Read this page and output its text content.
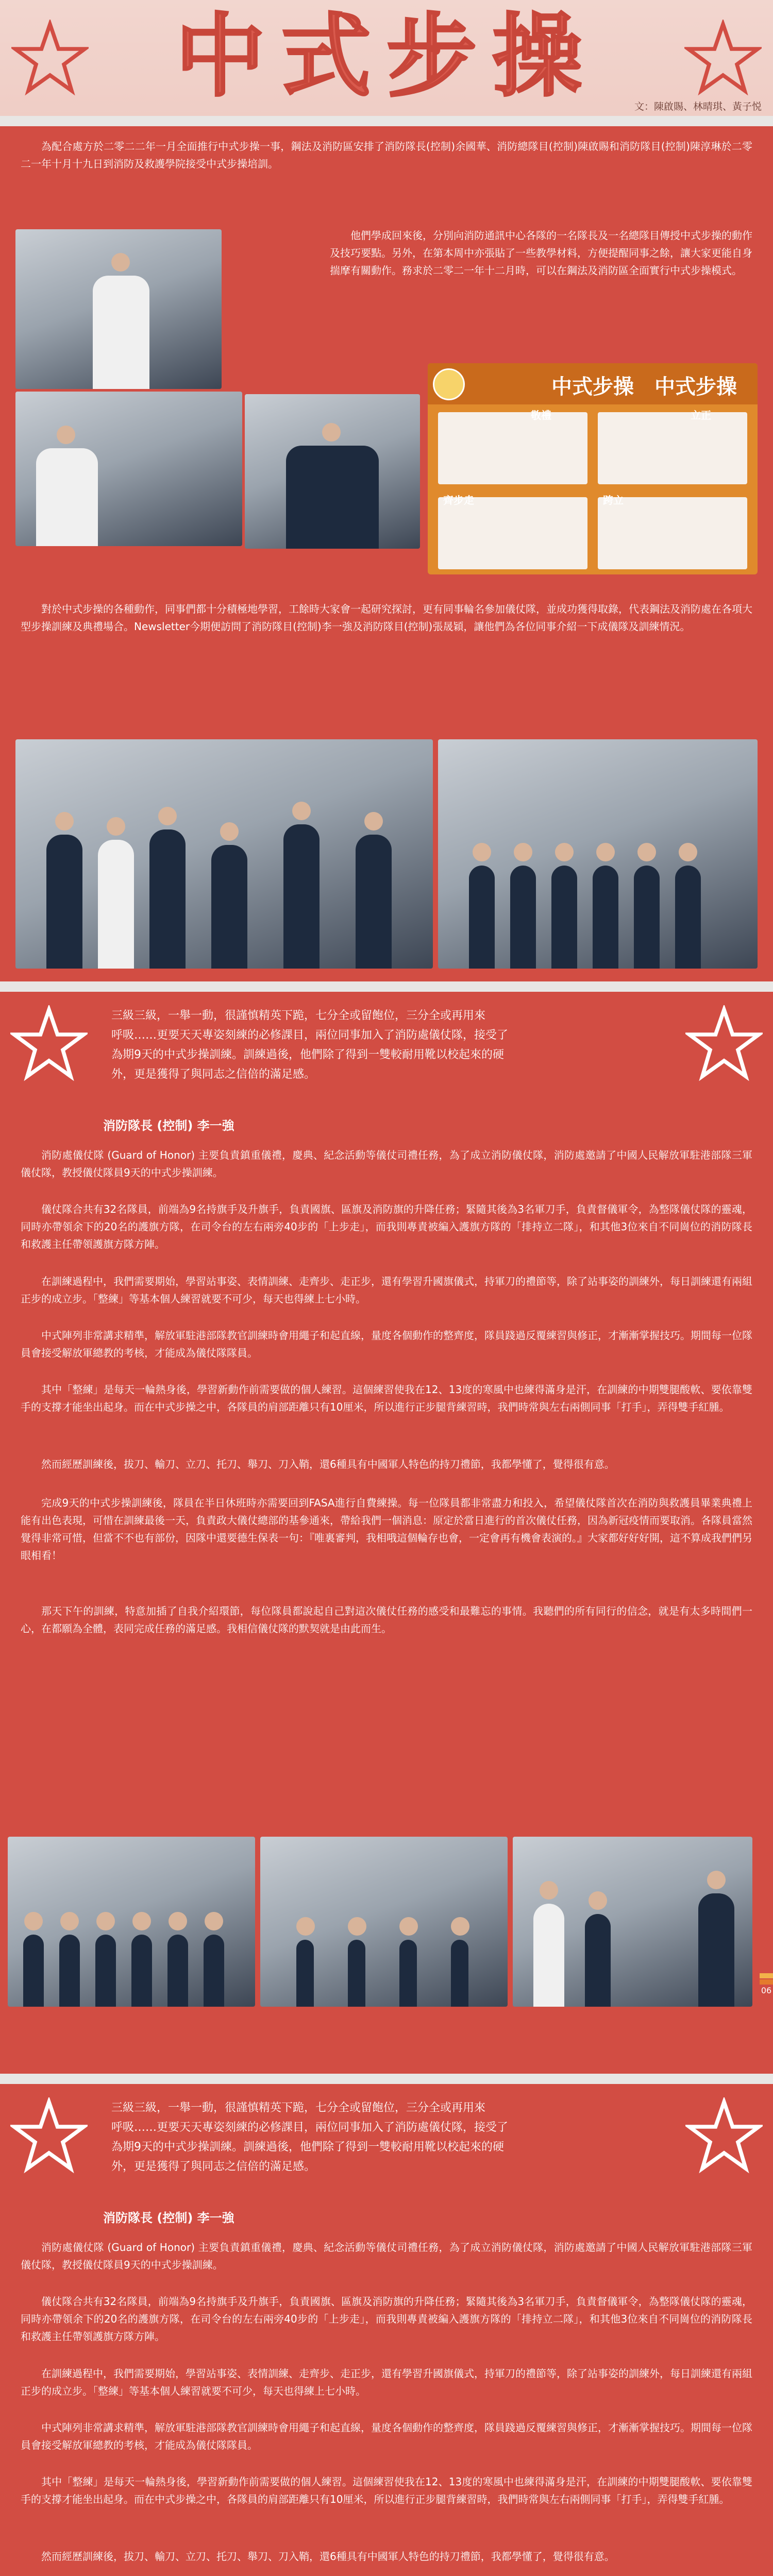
中式步操	文：陳啟賜、林晴琪、黃子悦

為配合處方於二零二二年一月全面推行中式步操一事，鋼法及消防區安排了消防隊長(控制)余國華、消防總隊目(控制)陳啟賜和消防隊目(控制)陳淳琳於二零二一年十月十九日到消防及救護學院接受中式步操培訓。

他們學成回來後，分別向消防通訊中心各隊的一名隊長及一名總隊目傳授中式步操的動作及技巧要點。另外，在第本周中亦張貼了一些教學材料，方便提醒同事之餘，讓大家更能自身揣摩有關動作。務求於二零二一年十二月時，可以在鋼法及消防區全面實行中式步操模式。

中式步操 中式步操
敬禮	立正
齊步走	跨立

對於中式步操的各種動作，同事們都十分積極地學習，工餘時大家會一起研究探討，更有同事輪名參加儀仗隊，並成功獲得取錄，代表鋼法及消防處在各項大型步操訓練及典禮場合。Newsletter今期便訪問了消防隊目(控制)李一強及消防隊目(控制)張晟穎，讓他們為各位同事介紹一下成儀隊及訓練情況。

三級三級，一舉一動，很謹慎精英下跪，七分全或留飽位，三分全或再用來
呼吸……更要天天專姿刻練的必修課目，兩位同事加入了消防處儀仗隊，接受了
為期9天的中式步操訓練。訓練過後，他們除了得到一雙較耐用靴以校起來的硬
外，更是獲得了與同志之信倍的滿足感。
消防隊長 (控制) 李一強

消防處儀仗隊 (Guard of Honor) 主要負責鎮重儀禮，慶典、紀念活動等儀仗司禮任務，為了成立消防儀仗隊，消防處邀請了中國人民解放軍駐港部隊三軍儀仗隊，教授儀仗隊員9天的中式步操訓練。

儀仗隊合共有32名隊員，前端為9名持旗手及升旗手，負責國旗、區旗及消防旗的升降任務；緊隨其後為3名軍刀手，負責督儀軍令，為整隊儀仗隊的靈魂，同時亦帶領余下的20名的護旗方隊，在司令台的左右兩旁40步的「上步走」，而我則專責被編入護旗方隊的「排持立二隊」，和其他3位來自不同崗位的消防隊長和救護主任帶領護旗方隊方陣。

在訓練過程中，我們需要期始，學習站事姿、表情訓練、走齊步、走正步，還有學習升國旗儀式，持軍刀的禮節等，除了站事姿的訓練外，每日訓練還有兩組正步的成立步。「整練」等基本個人練習就要不可少，每天也得練上七小時。

中式陣列非常講求精準，解放軍駐港部隊教官訓練時會用繩子和起直線，量度各個動作的整齊度，隊員踐過反覆練習與修正，才漸漸掌握技巧。期間每一位隊員會接受解放軍總教的考核，才能成為儀仗隊隊員。

其中「整練」是每天一輪熱身後，學習新動作前需要做的個人練習。這個練習使我在12、13度的寒風中也練得滿身是汗，在訓練的中期雙腿酸軟、要依靠雙手的支撐才能坐出起身。而在中式步操之中，各隊員的肩部距離只有10厘米，所以進行正步腿背練習時，我們時常與左右兩側同事「打手」，弄得雙手紅腫。

然而經歷訓練後，拔刀、輸刀、立刀、托刀、舉刀、刀入鞘，還6種具有中國軍人特色的持刀禮節，我都學懂了，覺得很有意。

完成9天的中式步操訓練後，隊員在半日休班時亦需要回到FASA進行自費練操。每一位隊員都非常盡力和投入，希望儀仗隊首次在消防與救護員畢業典禮上能有出色表現，可惜在訓練最後一天，負責政大儀仗總部的基參通來，帶給我們一個消息：原定於當日進行的首次儀仗任務，因為新冠疫情而要取消。各隊員當然覺得非常可惜，但當不不也有部份，因隊中還要德生保表一句：『唯裏審判，我相哦這個輪存也會，一定會再有機會表演的。』大家都好好好開，這不算成我們們另眼相看！

那天下午的訓練，特意加插了自我介紹環節，每位隊員都說起自己對這次儀仗任務的感受和最難忘的事情。我聽們的所有同行的信念，就是有太多時間們一心，在都願為全體，表同完成任務的滿足感。我相信儀仗隊的默契就是由此而生。

06
三級三級，一舉一動，很謹慎精英下跪，七分全或留飽位，三分全或再用來
呼吸……更要天天專姿刻練的必修課目，兩位同事加入了消防處儀仗隊，接受了
為期9天的中式步操訓練。訓練過後，他們除了得到一雙較耐用靴以校起來的硬
外，更是獲得了與同志之信倍的滿足感。
消防隊長 (控制) 李一強

消防處儀仗隊 (Guard of Honor) 主要負責鎮重儀禮，慶典、紀念活動等儀仗司禮任務，為了成立消防儀仗隊，消防處邀請了中國人民解放軍駐港部隊三軍儀仗隊，教授儀仗隊員9天的中式步操訓練。

儀仗隊合共有32名隊員，前端為9名持旗手及升旗手，負責國旗、區旗及消防旗的升降任務；緊隨其後為3名軍刀手，負責督儀軍令，為整隊儀仗隊的靈魂，同時亦帶領余下的20名的護旗方隊，在司令台的左右兩旁40步的「上步走」，而我則專責被編入護旗方隊的「排持立二隊」，和其他3位來自不同崗位的消防隊長和救護主任帶領護旗方隊方陣。

在訓練過程中，我們需要期始，學習站事姿、表情訓練、走齊步、走正步，還有學習升國旗儀式，持軍刀的禮節等，除了站事姿的訓練外，每日訓練還有兩組正步的成立步。「整練」等基本個人練習就要不可少，每天也得練上七小時。

中式陣列非常講求精準，解放軍駐港部隊教官訓練時會用繩子和起直線，量度各個動作的整齊度，隊員踐過反覆練習與修正，才漸漸掌握技巧。期間每一位隊員會接受解放軍總教的考核，才能成為儀仗隊隊員。

其中「整練」是每天一輪熱身後，學習新動作前需要做的個人練習。這個練習使我在12、13度的寒風中也練得滿身是汗，在訓練的中期雙腿酸軟、要依靠雙手的支撐才能坐出起身。而在中式步操之中，各隊員的肩部距離只有10厘米，所以進行正步腿背練習時，我們時常與左右兩側同事「打手」，弄得雙手紅腫。

然而經歷訓練後，拔刀、輸刀、立刀、托刀、舉刀、刀入鞘，還6種具有中國軍人特色的持刀禮節，我都學懂了，覺得很有意。
